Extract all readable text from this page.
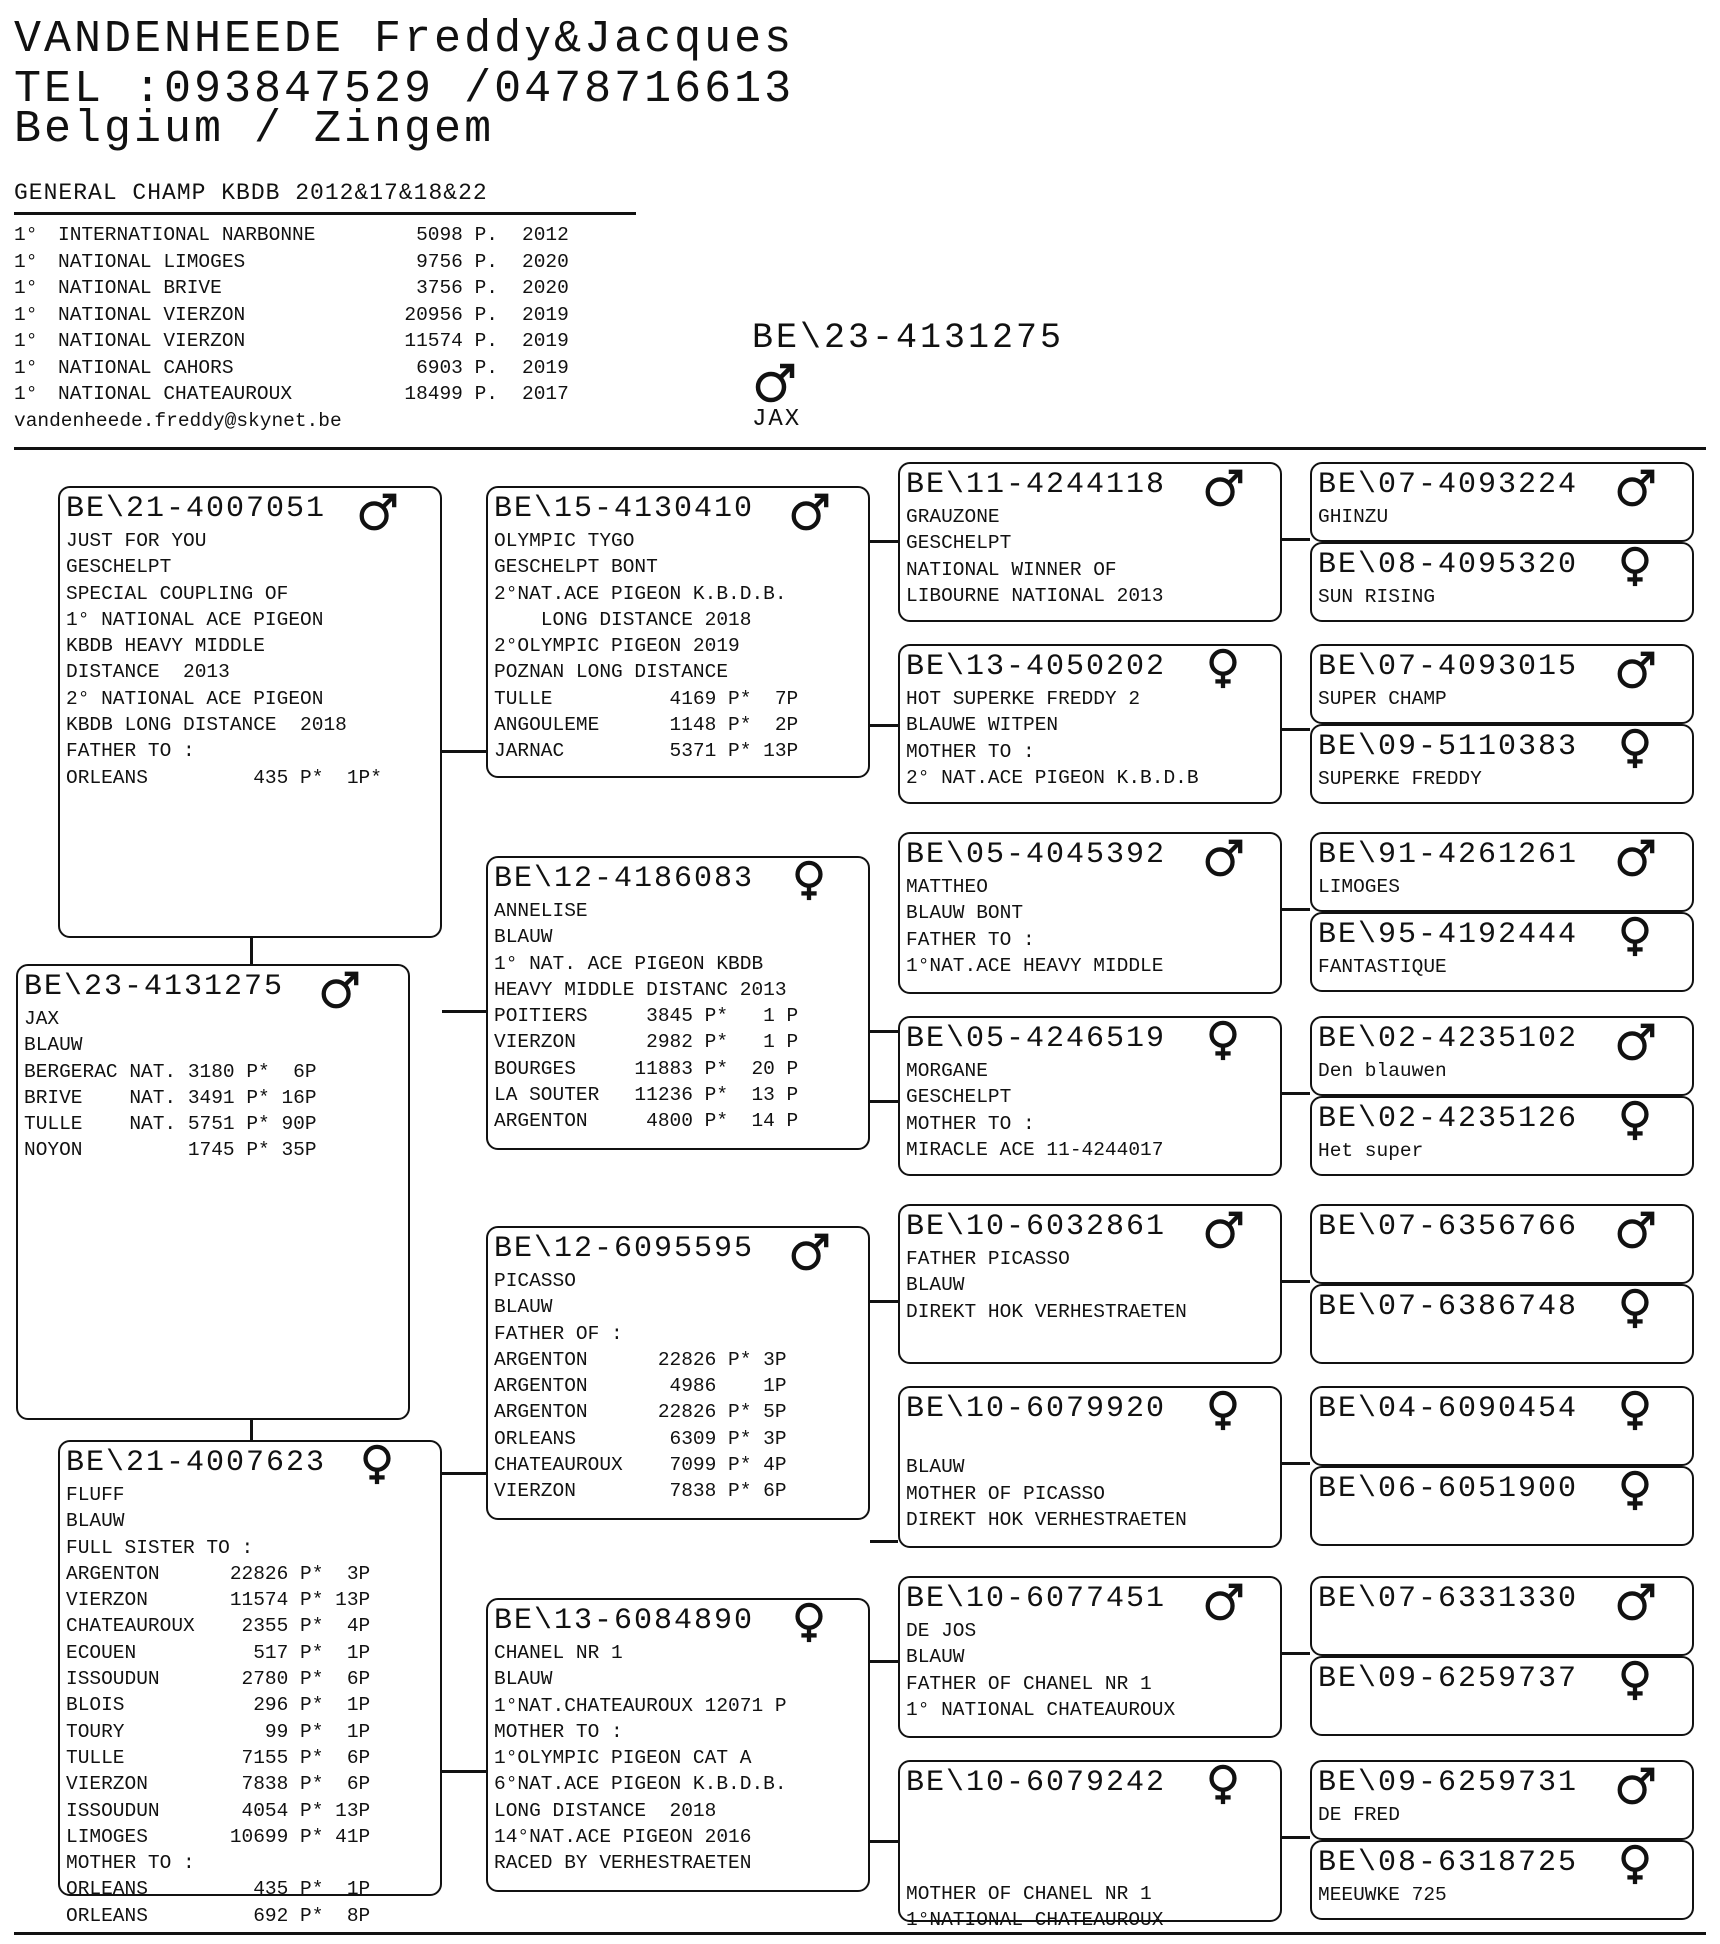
VANDENHEEDE Freddy&Jacques
TEL :093847529 /0478716613
Belgium / Zingem
GENERAL CHAMP KBDB 2012&17&18&22
1° INTERNATIONAL NARBONNE	5098 P. 2012
1° NATIONAL LIMOGES	9756 P. 2020
1° NATIONAL BRIVE	3756 P. 2020
1° NATIONAL VIERZON	20956 P. 2019
1° NATIONAL VIERZON	11574 P. 2019
1° NATIONAL CAHORS	6903 P. 2019
1° NATIONAL CHATEAUROUX	18499 P. 2017
vandenheede.freddy@skynet.be
BE\23-4131275
JAX
BE\21-4007051
JUST FOR YOU
GESCHELPT
SPECIAL COUPLING OF
1° NATIONAL ACE PIGEON
KBDB HEAVY MIDDLE
DISTANCE  2013
2° NATIONAL ACE PIGEON
KBDB LONG DISTANCE  2018
FATHER TO :
ORLEANS         435 P*  1P*
BE\23-4131275
JAX
BLAUW
BERGERAC NAT. 3180 P*  6P
BRIVE    NAT. 3491 P* 16P
TULLE    NAT. 5751 P* 90P
NOYON         1745 P* 35P
BE\21-4007623
FLUFF
BLAUW
FULL SISTER TO :
ARGENTON      22826 P*  3P
VIERZON       11574 P* 13P
CHATEAUROUX    2355 P*  4P
ECOUEN          517 P*  1P
ISSOUDUN       2780 P*  6P
BLOIS           296 P*  1P
TOURY            99 P*  1P
TULLE          7155 P*  6P
VIERZON        7838 P*  6P
ISSOUDUN       4054 P* 13P
LIMOGES       10699 P* 41P
MOTHER TO :
ORLEANS         435 P*  1P
ORLEANS         692 P*  8P
BE\15-4130410
OLYMPIC TYGO
GESCHELPT BONT
2°NAT.ACE PIGEON K.B.D.B.
LONG DISTANCE 2018
2°OLYMPIC PIGEON 2019
POZNAN LONG DISTANCE
TULLE          4169 P*  7P
ANGOULEME      1148 P*  2P
JARNAC         5371 P* 13P
BE\12-4186083
ANNELISE
BLAUW
1° NAT. ACE PIGEON KBDB
HEAVY MIDDLE DISTANC 2013
POITIERS     3845 P*   1 P
VIERZON      2982 P*   1 P
BOURGES     11883 P*  20 P
LA SOUTER   11236 P*  13 P
ARGENTON     4800 P*  14 P
BE\12-6095595
PICASSO
BLAUW
FATHER OF :
ARGENTON      22826 P* 3P
ARGENTON       4986    1P
ARGENTON      22826 P* 5P
ORLEANS        6309 P* 3P
CHATEAUROUX    7099 P* 4P
VIERZON        7838 P* 6P
BE\13-6084890
CHANEL NR 1
BLAUW
1°NAT.CHATEAUROUX 12071 P
MOTHER TO :
1°OLYMPIC PIGEON CAT A
6°NAT.ACE PIGEON K.B.D.B.
LONG DISTANCE  2018
14°NAT.ACE PIGEON 2016
RACED BY VERHESTRAETEN
BE\11-4244118
GRAUZONE
GESCHELPT
NATIONAL WINNER OF
LIBOURNE NATIONAL 2013
BE\13-4050202
HOT SUPERKE FREDDY 2
BLAUWE WITPEN
MOTHER TO :
2° NAT.ACE PIGEON K.B.D.B
BE\05-4045392
MATTHEO
BLAUW BONT
FATHER TO :
1°NAT.ACE HEAVY MIDDLE
BE\05-4246519
MORGANE
GESCHELPT
MOTHER TO :
MIRACLE ACE 11-4244017
BE\10-6032861
FATHER PICASSO
BLAUW
DIREKT HOK VERHESTRAETEN
BE\10-6079920

BLAUW
MOTHER OF PICASSO
DIREKT HOK VERHESTRAETEN
BE\10-6077451
DE JOS
BLAUW
FATHER OF CHANEL NR 1
1° NATIONAL CHATEAUROUX
BE\10-6079242

MOTHER OF CHANEL NR 1
1°NATIONAL CHATEAUROUX
BE\07-4093224
GHINZU
BE\08-4095320
SUN RISING
BE\07-4093015
SUPER CHAMP
BE\09-5110383
SUPERKE FREDDY
BE\91-4261261
LIMOGES
BE\95-4192444
FANTASTIQUE
BE\02-4235102
Den blauwen
BE\02-4235126
Het super
BE\07-6356766
BE\07-6386748
BE\04-6090454
BE\06-6051900
BE\07-6331330
BE\09-6259737
BE\09-6259731
DE FRED
BE\08-6318725
MEEUWKE 725
